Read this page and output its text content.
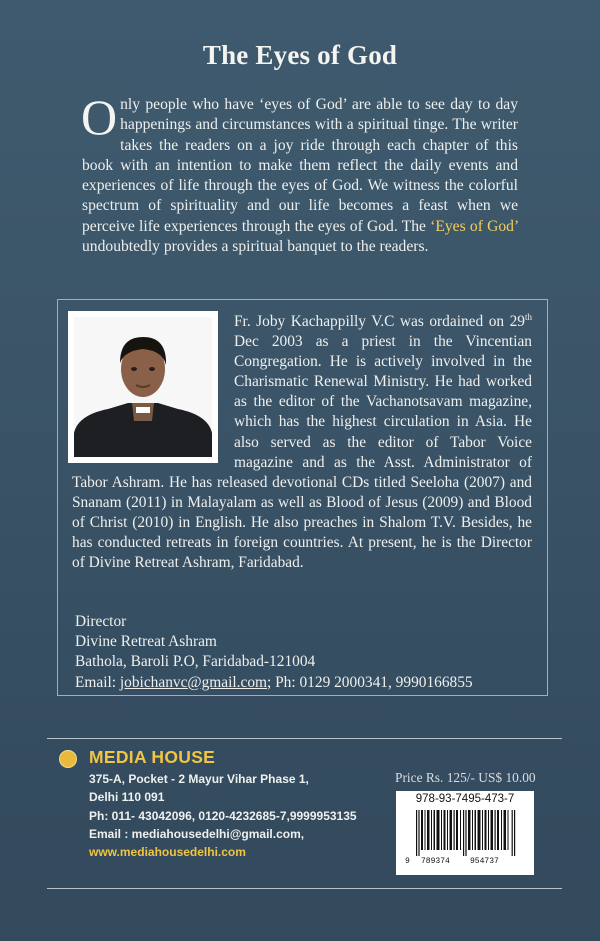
The Eyes of God
Only people who have ‘eyes of God’ are able to see day to day happenings and circumstances with a spiritual tinge. The writer takes the readers on a joy ride through each chapter of this book with an intention to make them reflect the daily events and experiences of life through the eyes of God. We witness the colorful spectrum of spirituality and our life becomes a feast when we perceive life experiences through the eyes of God. The ‘Eyes of God’ undoubtedly provides a spiritual banquet to the readers.
Fr. Joby Kachappilly V.C was ordained on 29th Dec 2003 as a priest in the Vincentian Congregation. He is actively involved in the Charismatic Renewal Ministry. He had worked as the editor of the Vachanotsavam magazine, which has the highest circulation in Asia. He also served as the editor of Tabor Voice magazine and as the Asst. Administrator of Tabor Ashram. He has released devotional CDs titled Seeloha (2007) and Snanam (2011) in Malayalam as well as Blood of Jesus (2009) and Blood of Christ (2010) in English. He also preaches in Shalom T.V. Besides, he has conducted retreats in foreign countries. At present, he is the Director of Divine Retreat Ashram, Faridabad.
Director
Divine Retreat Ashram
Bathola, Baroli P.O, Faridabad-121004
Email: jobichanvc@gmail.com; Ph: 0129 2000341, 9990166855
MEDIA HOUSE
375-A, Pocket - 2 Mayur Vihar Phase 1,
Delhi 110 091
Ph: 011- 43042096, 0120-4232685-7,9999953135
Email : mediahousedelhi@gmail.com,
www.mediahousedelhi.com
Price Rs. 125/- US$ 10.00
978-93-7495-473-7
9 789374	954737
